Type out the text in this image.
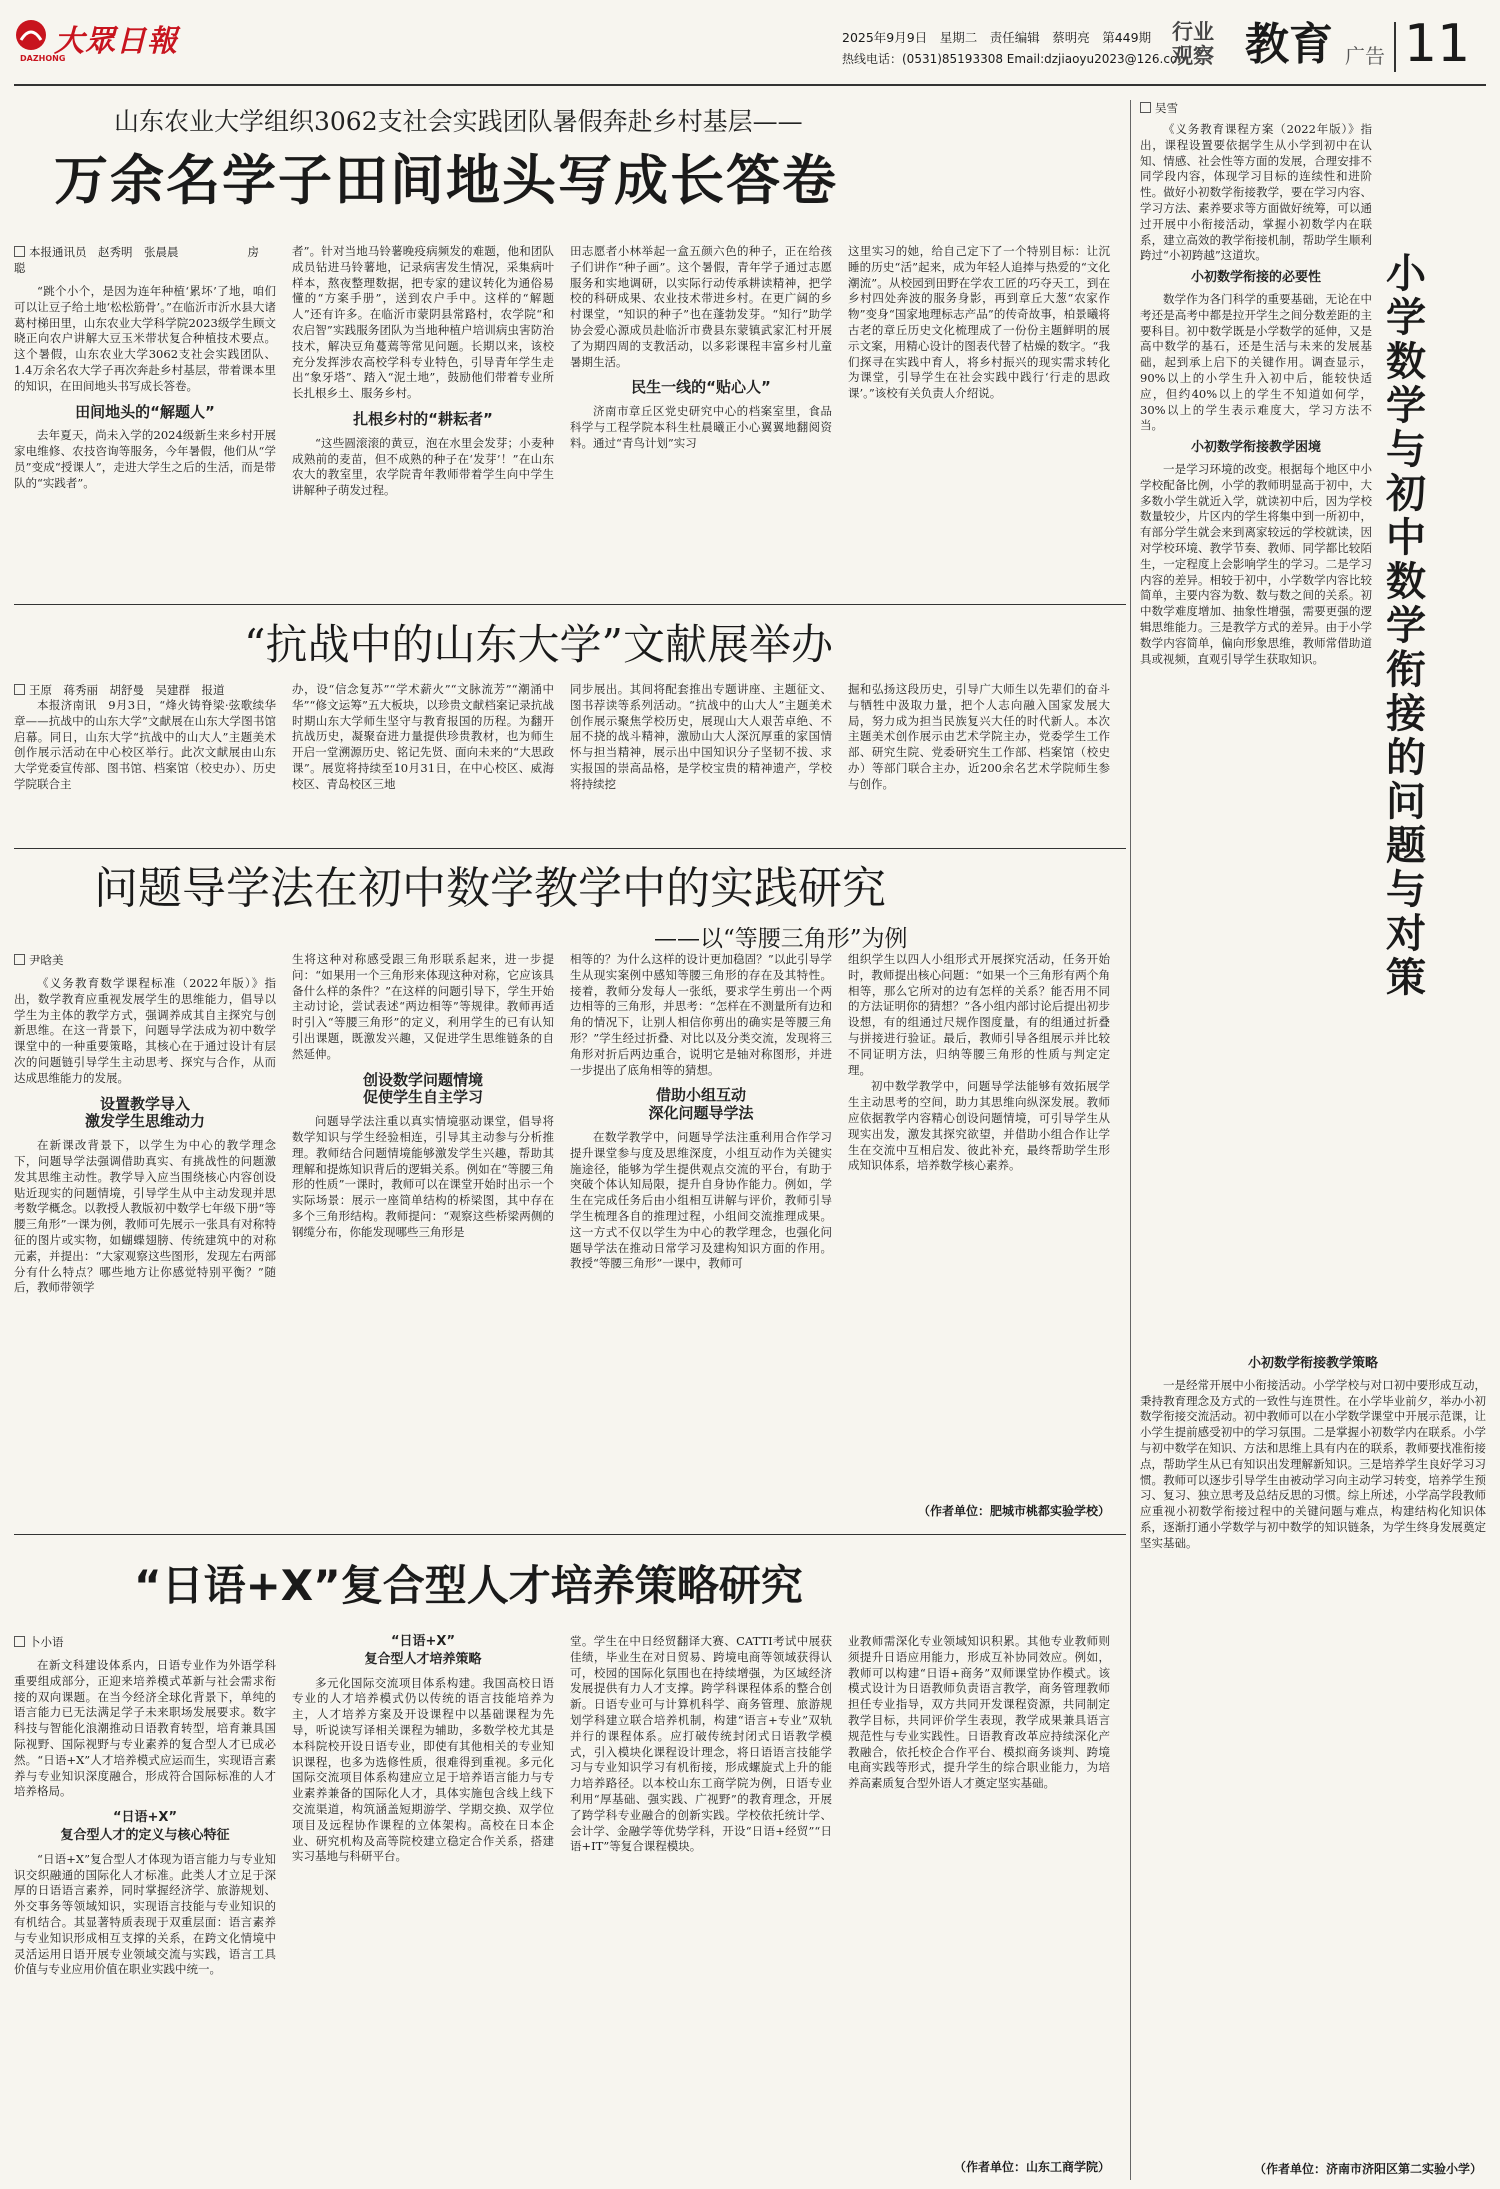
大眾日報
DAZHONG
2025年9月9日　星期二　责任编辑　蔡明亮　第449期
热线电话：(0531)85193308 Email:dzjiaoyu2023@126.com
行业
观察 教育 广告 11
小学数学与初中数学衔接的问题与对策
吴雪

《义务教育课程方案（2022年版）》指出，课程设置要依据学生从小学到初中在认知、情感、社会性等方面的发展，合理安排不同学段内容，体现学习目标的连续性和进阶性。做好小初数学衔接教学，要在学习内容、学习方法、素养要求等方面做好统筹，可以通过开展中小衔接活动，掌握小初数学内在联系，建立高效的教学衔接机制，帮助学生顺利跨过“小初跨越”这道坎。

小初数学衔接的必要性

数学作为各门科学的重要基础，无论在中考还是高考中都是拉开学生之间分数差距的主要科目。初中数学既是小学数学的延伸，又是高中数学的基石，还是生活与未来的发展基础，起到承上启下的关键作用。调查显示，90%以上的小学生升入初中后，能较快适应，但约40%以上的学生不知道如何学，30%以上的学生表示难度大，学习方法不当。

小初数学衔接教学困境

一是学习环境的改变。根据每个地区中小学校配备比例，小学的教师明显高于初中，大多数小学生就近入学，就读初中后，因为学校数量较少，片区内的学生将集中到一所初中，有部分学生就会来到离家较远的学校就读，因对学校环境、教学节奏、教师、同学都比较陌生，一定程度上会影响学生的学习。二是学习内容的差异。相较于初中，小学数学内容比较简单，主要内容为数、数与数之间的关系。初中数学难度增加、抽象性增强，需要更强的逻辑思维能力。三是教学方式的差异。由于小学数学内容简单，偏向形象思维，教师常借助道具或视频，直观引导学生获取知识。

小初数学衔接教学策略

一是经常开展中小衔接活动。小学学校与对口初中要形成互动，秉持教育理念及方式的一致性与连贯性。在小学毕业前夕，举办小初数学衔接交流活动。初中教师可以在小学数学课堂中开展示范课，让小学生提前感受初中的学习氛围。二是掌握小初数学内在联系。小学与初中数学在知识、方法和思维上具有内在的联系，教师要找准衔接点，帮助学生从已有知识出发理解新知识。三是培养学生良好学习习惯。教师可以逐步引导学生由被动学习向主动学习转变，培养学生预习、复习、独立思考及总结反思的习惯。综上所述，小学高学段教师应重视小初数学衔接过程中的关键问题与难点，构建结构化知识体系，逐渐打通小学数学与初中数学的知识链条，为学生终身发展奠定坚实基础。

（作者单位：济南市济阳区第二实验小学）
山东农业大学组织3062支社会实践团队暑假奔赴乡村基层——
万余名学子田间地头写成长答卷
本报通讯员　赵秀明　张晨晨　　　　　　房　聪

“跳个小个，是因为连年种植‘累坏’了地，咱们可以让豆子给土地‘松松筋骨’。”在临沂市沂水县大诸葛村梯田里，山东农业大学科学院2023级学生顾文晓正向农户讲解大豆玉米带状复合种植技术要点。这个暑假，山东农业大学3062支社会实践团队、1.4万余名农大学子再次奔赴乡村基层，带着课本里的知识，在田间地头书写成长答卷。

田间地头的“解题人”

去年夏天，尚未入学的2024级新生来乡村开展家电维修、农技咨询等服务，今年暑假，他们从“学员”变成“授课人”，走进大学生之后的生活，而是带队的“实践者”。

者”。针对当地马铃薯晚疫病频发的难题，他和团队成员钻进马铃薯地，记录病害发生情况，采集病叶样本，熬夜整理数据，把专家的建议转化为通俗易懂的“方案手册”，送到农户手中。这样的“解题人”还有许多。在临沂市蒙阴县常路村，农学院“和农启智”实践服务团队为当地种植户培训病虫害防治技术，解决豆角蔓蔫等常见问题。长期以来，该校充分发挥涉农高校学科专业特色，引导青年学生走出“象牙塔”、踏入“泥土地”，鼓励他们带着专业所长扎根乡土、服务乡村。

扎根乡村的“耕耘者”

“这些圆滚滚的黄豆，泡在水里会发芽；小麦种成熟前的麦苗，但不成熟的种子在‘发芽’！”在山东农大的教室里，农学院青年教师带着学生向中学生讲解种子萌发过程。

田志愿者小林举起一盒五颜六色的种子，正在给孩子们讲作“种子画”。这个暑假，青年学子通过志愿服务和实地调研，以实际行动传承耕读精神，把学校的科研成果、农业技术带进乡村。在更广阔的乡村课堂，“知识的种子”也在蓬勃发芽。“知行”助学协会爱心源成员赴临沂市费县东蒙镇武家汇村开展了为期四周的支教活动，以多彩课程丰富乡村儿童暑期生活。

民生一线的“贴心人”

济南市章丘区党史研究中心的档案室里，食品科学与工程学院本科生杜晨曦正小心翼翼地翻阅资料。通过“青鸟计划”实习

这里实习的她，给自己定下了一个特别目标：让沉睡的历史“活”起来，成为年轻人追捧与热爱的“文化潮流”。从校园到田野在学农工匠的巧夺天工，到在乡村四处奔波的服务身影，再到章丘大葱“农家作物”变身“国家地理标志产品”的传奇故事，柏景曦将古老的章丘历史文化梳理成了一份份主题鲜明的展示文案，用精心设计的图表代替了枯燥的数字。“我们探寻在实践中育人，将乡村振兴的现实需求转化为课堂，引导学生在社会实践中践行‘行走的思政课’。”该校有关负责人介绍说。

“抗战中的山东大学”文献展举办
王原　蒋秀丽　胡舒曼　吴建群　报道

本报济南讯　9月3日，“烽火铸脊梁·弦歌续华章——抗战中的山东大学”文献展在山东大学图书馆启幕。同日，山东大学“抗战中的山大人”主题美术创作展示活动在中心校区举行。此次文献展由山东大学党委宣传部、图书馆、档案馆（校史办）、历史学院联合主

办，设“信念复苏”“学术薪火”“文脉流芳”“潮涌中华”“修文运筹”五大板块，以珍贵文献档案记录抗战时期山东大学师生坚守与教育报国的历程。为翻开抗战历史，凝聚奋进力量提供珍贵教材，也为师生开启一堂溯源历史、铭记先贤、面向未来的“大思政课”。展览将持续至10月31日，在中心校区、威海校区、青岛校区三地

同步展出。其间将配套推出专题讲座、主题征文、图书荐读等系列活动。“抗战中的山大人”主题美术创作展示聚焦学校历史，展现山大人艰苦卓绝、不屈不挠的战斗精神，激励山大人深沉厚重的家国情怀与担当精神，展示出中国知识分子坚韧不拔、求实报国的崇高品格，是学校宝贵的精神遗产，学校将持续挖

掘和弘扬这段历史，引导广大师生以先辈们的奋斗与牺牲中汲取力量，把个人志向融入国家发展大局，努力成为担当民族复兴大任的时代新人。本次主题美术创作展示由艺术学院主办，党委学生工作部、研究生院、党委研究生工作部、档案馆（校史办）等部门联合主办，近200余名艺术学院师生参与创作。

问题导学法在初中数学教学中的实践研究
——以“等腰三角形”为例
尹晗美

《义务教育数学课程标准（2022年版）》指出，数学教育应重视发展学生的思维能力，倡导以学生为主体的教学方式，强调养成其自主探究与创新思维。在这一背景下，问题导学法成为初中数学课堂中的一种重要策略，其核心在于通过设计有层次的问题链引导学生主动思考、探究与合作，从而达成思维能力的发展。

设置教学导入
激发学生思维动力

在新课改背景下，以学生为中心的教学理念下，问题导学法强调借助真实、有挑战性的问题激发其思维主动性。教学导入应当围绕核心内容创设贴近现实的问题情境，引导学生从中主动发现并思考数学概念。以教授人教版初中数学七年级下册“等腰三角形”一课为例，教师可先展示一张具有对称特征的图片或实物，如蝴蝶翅膀、传统建筑中的对称元素，并提出：“大家观察这些图形，发现左右两部分有什么特点？哪些地方让你感觉特别平衡？”随后，教师带领学

生将这种对称感受跟三角形联系起来，进一步提问：“如果用一个三角形来体现这种对称，它应该具备什么样的条件？”在这样的问题引导下，学生开始主动讨论，尝试表述“两边相等”等规律。教师再适时引入“等腰三角形”的定义，利用学生的已有认知引出课题，既激发兴趣，又促进学生思维链条的自然延伸。

创设数学问题情境
促使学生自主学习

问题导学法注重以真实情境驱动课堂，倡导将数学知识与学生经验相连，引导其主动参与分析推理。教师结合问题情境能够激发学生兴趣，帮助其理解和提炼知识背后的逻辑关系。例如在“等腰三角形的性质”一课时，教师可以在课堂开始时出示一个实际场景：展示一座简单结构的桥梁图，其中存在多个三角形结构。教师提问：“观察这些桥梁两侧的钢缆分布，你能发现哪些三角形是

相等的？为什么这样的设计更加稳固？”以此引导学生从现实案例中感知等腰三角形的存在及其特性。接着，教师分发每人一张纸，要求学生剪出一个两边相等的三角形，并思考：“怎样在不测量所有边和角的情况下，让别人相信你剪出的确实是等腰三角形？”学生经过折叠、对比以及分类交流，发现将三角形对折后两边重合，说明它是轴对称图形，并进一步提出了底角相等的猜想。

借助小组互动
深化问题导学法

在数学教学中，问题导学法注重利用合作学习提升课堂参与度及思维深度，小组互动作为关键实施途径，能够为学生提供观点交流的平台，有助于突破个体认知局限，提升自身协作能力。例如，学生在完成任务后由小组相互讲解与评价，教师引导学生梳理各自的推理过程，小组间交流推理成果。这一方式不仅以学生为中心的教学理念，也强化问题导学法在推动日常学习及建构知识方面的作用。教授“等腰三角形”一课中，教师可

组织学生以四人小组形式开展探究活动，任务开始时，教师提出核心问题：“如果一个三角形有两个角相等，那么它所对的边有怎样的关系？能否用不同的方法证明你的猜想？”各小组内部讨论后提出初步设想，有的组通过尺规作图度量，有的组通过折叠与拼接进行验证。最后，教师引导各组展示并比较不同证明方法，归纳等腰三角形的性质与判定定理。

初中数学教学中，问题导学法能够有效拓展学生主动思考的空间，助力其思维向纵深发展。教师应依据教学内容精心创设问题情境，可引导学生从现实出发，激发其探究欲望，并借助小组合作让学生在交流中互相启发、彼此补充，最终帮助学生形成知识体系，培养数学核心素养。

（作者单位：肥城市桃都实验学校）
“日语+X”复合型人才培养策略研究
卜小语

在新文科建设体系内，日语专业作为外语学科重要组成部分，正迎来培养模式革新与社会需求衔接的双向课题。在当今经济全球化背景下，单纯的语言能力已无法满足学子未来职场发展要求。数字科技与智能化浪潮推动日语教育转型，培育兼具国际视野、国际视野与专业素养的复合型人才已成必然。“日语+X”人才培养模式应运而生，实现语言素养与专业知识深度融合，形成符合国际标准的人才培养格局。

“日语+X”
复合型人才的定义与核心特征

“日语+X”复合型人才体现为语言能力与专业知识交织融通的国际化人才标准。此类人才立足于深厚的日语语言素养，同时掌握经济学、旅游规划、外交事务等领域知识，实现语言技能与专业知识的有机结合。其显著特质表现于双重层面：语言素养与专业知识形成相互支撑的关系，在跨文化情境中灵活运用日语开展专业领域交流与实践，语言工具价值与专业应用价值在职业实践中统一。

“日语+X”
复合型人才培养策略

多元化国际交流项目体系构建。我国高校日语专业的人才培养模式仍以传统的语言技能培养为主，人才培养方案及开设课程中以基础课程为先导，听说读写译相关课程为辅助，多数学校尤其是本科院校开设日语专业，即使有其他相关的专业知识课程，也多为选修性质，很难得到重视。多元化国际交流项目体系构建应立足于培养语言能力与专业素养兼备的国际化人才，具体实施包含线上线下交流渠道，构筑涵盖短期游学、学期交换、双学位项目及远程协作课程的立体架构。高校在日本企业、研究机构及高等院校建立稳定合作关系，搭建实习基地与科研平台。

堂。学生在中日经贸翻译大赛、CATTI考试中展获佳绩，毕业生在对日贸易、跨境电商等领域获得认可，校园的国际化氛围也在持续增强，为区域经济发展提供有力人才支撑。跨学科课程体系的整合创新。日语专业可与计算机科学、商务管理、旅游规划学科建立联合培养机制，构建“语言+专业”双轨并行的课程体系。应打破传统封闭式日语教学模式，引入模块化课程设计理念，将日语语言技能学习与专业知识学习有机衔接，形成螺旋式上升的能力培养路径。以本校山东工商学院为例，日语专业利用“厚基础、强实践、广视野”的教育理念，开展了跨学科专业融合的创新实践。学校依托统计学、会计学、金融学等优势学科，开设“日语+经贸”“日语+IT”等复合课程模块。

业教师需深化专业领域知识积累。其他专业教师则须提升日语应用能力，形成互补协同效应。例如，教师可以构建“日语+商务”双师课堂协作模式。该模式设计为日语教师负责语言教学，商务管理教师担任专业指导，双方共同开发课程资源，共同制定教学目标，共同评价学生表现，教学成果兼具语言规范性与专业实践性。日语教育改革应持续深化产教融合，依托校企合作平台、模拟商务谈判、跨境电商实践等形式，提升学生的综合职业能力，为培养高素质复合型外语人才奠定坚实基础。

（作者单位：山东工商学院）
